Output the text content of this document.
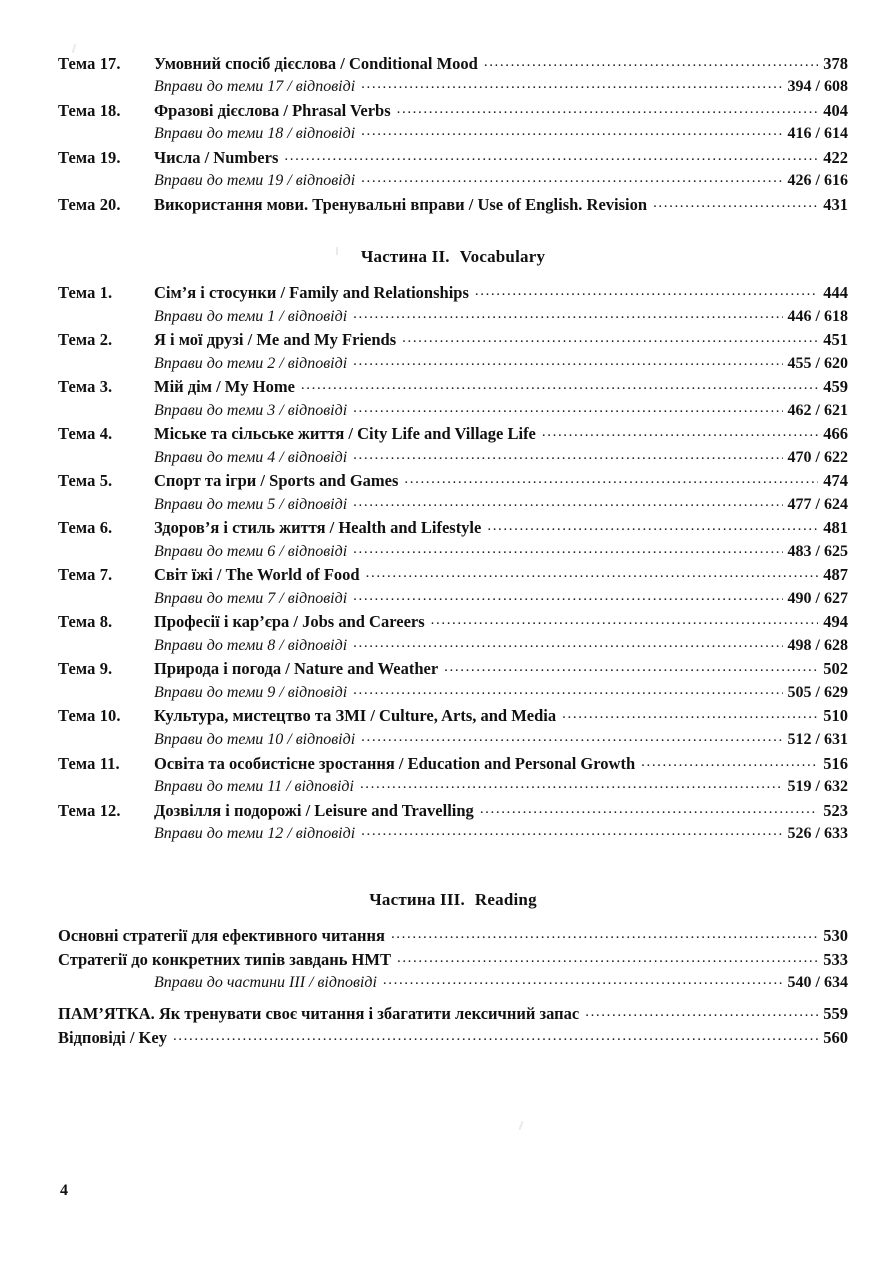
Тема 17.	Умовний спосіб дієслова / Conditional Mood .....	378
Вправи до теми 17 / відповіді .....	394 / 608
Тема 18.	Фразові дієслова / Phrasal Verbs .....	404
Вправи до теми 18 / відповіді .....	416 / 614
Тема 19.	Числа / Numbers .....	422
Вправи до теми 19 / відповіді .....	426 / 616
Тема 20.	Використання мови. Тренувальні вправи / Use of English. Revision .....	431
Частина II. Vocabulary
Тема 1.	Сім’я і стосунки / Family and Relationships .....	444
Вправи до теми 1 / відповіді .....	446 / 618
Тема 2.	Я і мої друзі / Me and My Friends .....	451
Вправи до теми 2 / відповіді .....	455 / 620
Тема 3.	Мій дім / My Home .....	459
Вправи до теми 3 / відповіді .....	462 / 621
Тема 4.	Міське та сільське життя / City Life and Village Life .....	466
Вправи до теми 4 / відповіді .....	470 / 622
Тема 5.	Спорт та ігри / Sports and Games .....	474
Вправи до теми 5 / відповіді .....	477 / 624
Тема 6.	Здоров’я і стиль життя / Health and Lifestyle .....	481
Вправи до теми 6 / відповіді .....	483 / 625
Тема 7.	Світ їжі / The World of Food .....	487
Вправи до теми 7 / відповіді .....	490 / 627
Тема 8.	Професії і кар’єра / Jobs and Careers .....	494
Вправи до теми 8 / відповіді .....	498 / 628
Тема 9.	Природа і погода / Nature and Weather .....	502
Вправи до теми 9 / відповіді .....	505 / 629
Тема 10.	Культура, мистецтво та ЗМІ / Culture, Arts, and Media .....	510
Вправи до теми 10 / відповіді .....	512 / 631
Тема 11.	Освіта та особистісне зростання / Education and Personal Growth .....	516
Вправи до теми 11 / відповіді .....	519 / 632
Тема 12.	Дозвілля і подорожі / Leisure and Travelling .....	523
Вправи до теми 12 / відповіді .....	526 / 633
Частина III. Reading
Основні стратегії для ефективного читання .....	530
Стратегії до конкретних типів завдань НМТ .....	533
Вправи до частини III / відповіді .....	540 / 634
ПАМ’ЯТКА. Як тренувати своє читання і збагатити лексичний запас .....	559
Відповіді / Key .....	560
4
